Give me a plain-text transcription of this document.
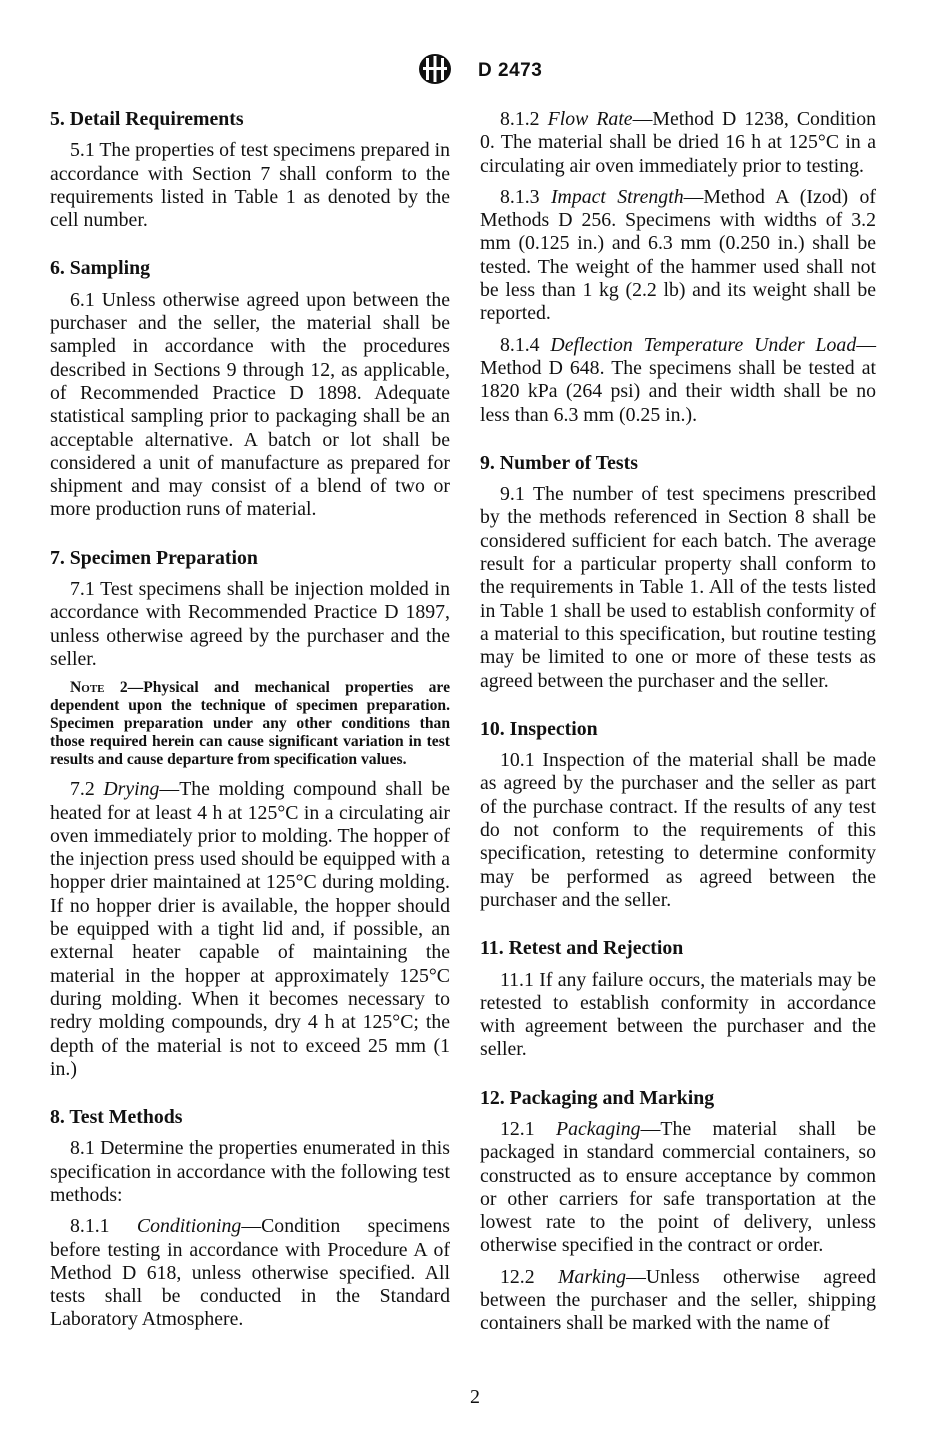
D 2473
5. Detail Requirements

5.1 The properties of test specimens prepared in accordance with Section 7 shall conform to the requirements listed in Table 1 as denoted by the cell number.

6. Sampling

6.1 Unless otherwise agreed upon between the purchaser and the seller, the material shall be sampled in accordance with the procedures described in Sections 9 through 12, as applicable, of Recommended Practice D 1898. Adequate statistical sampling prior to packaging shall be an acceptable alternative. A batch or lot shall be considered a unit of manufacture as prepared for shipment and may consist of a blend of two or more production runs of material.

7. Specimen Preparation

7.1 Test specimens shall be injection molded in accordance with Recommended Practice D 1897, unless otherwise agreed by the purchaser and the seller.

Note 2—Physical and mechanical properties are dependent upon the technique of specimen preparation. Specimen preparation under any other conditions than those required herein can cause significant variation in test results and cause departure from specification values.

7.2 Drying—The molding compound shall be heated for at least 4 h at 125°C in a circulating air oven immediately prior to molding. The hopper of the injection press used should be equipped with a hopper drier maintained at 125°C during molding. If no hopper drier is available, the hopper should be equipped with a tight lid and, if possible, an external heater capable of maintaining the material in the hopper at approximately 125°C during molding. When it becomes necessary to redry molding compounds, dry 4 h at 125°C; the depth of the material is not to exceed 25 mm (1 in.)

8. Test Methods

8.1 Determine the properties enumerated in this specification in accordance with the following test methods:

8.1.1 Conditioning—Condition specimens before testing in accordance with Procedure A of Method D 618, unless otherwise specified. All tests shall be conducted in the Standard Laboratory Atmosphere.

8.1.2 Flow Rate—Method D 1238, Condition 0. The material shall be dried 16 h at 125°C in a circulating air oven immediately prior to testing.

8.1.3 Impact Strength—Method A (Izod) of Methods D 256. Specimens with widths of 3.2 mm (0.125 in.) and 6.3 mm (0.250 in.) shall be tested. The weight of the hammer used shall not be less than 1 kg (2.2 lb) and its weight shall be reported.

8.1.4 Deflection Temperature Under Load—Method D 648. The specimens shall be tested at 1820 kPa (264 psi) and their width shall be no less than 6.3 mm (0.25 in.).

9. Number of Tests

9.1 The number of test specimens prescribed by the methods referenced in Section 8 shall be considered sufficient for each batch. The average result for a particular property shall conform to the requirements in Table 1. All of the tests listed in Table 1 shall be used to establish conformity of a material to this specification, but routine testing may be limited to one or more of these tests as agreed between the purchaser and the seller.

10. Inspection

10.1 Inspection of the material shall be made as agreed by the purchaser and the seller as part of the purchase contract. If the results of any test do not conform to the requirements of this specification, retesting to determine conformity may be performed as agreed between the purchaser and the seller.

11. Retest and Rejection

11.1 If any failure occurs, the materials may be retested to establish conformity in accordance with agreement between the purchaser and the seller.

12. Packaging and Marking

12.1 Packaging—The material shall be packaged in standard commercial containers, so constructed as to ensure acceptance by common or other carriers for safe transportation at the lowest rate to the point of delivery, unless otherwise specified in the contract or order.

12.2 Marking—Unless otherwise agreed between the purchaser and the seller, shipping containers shall be marked with the name of

2
